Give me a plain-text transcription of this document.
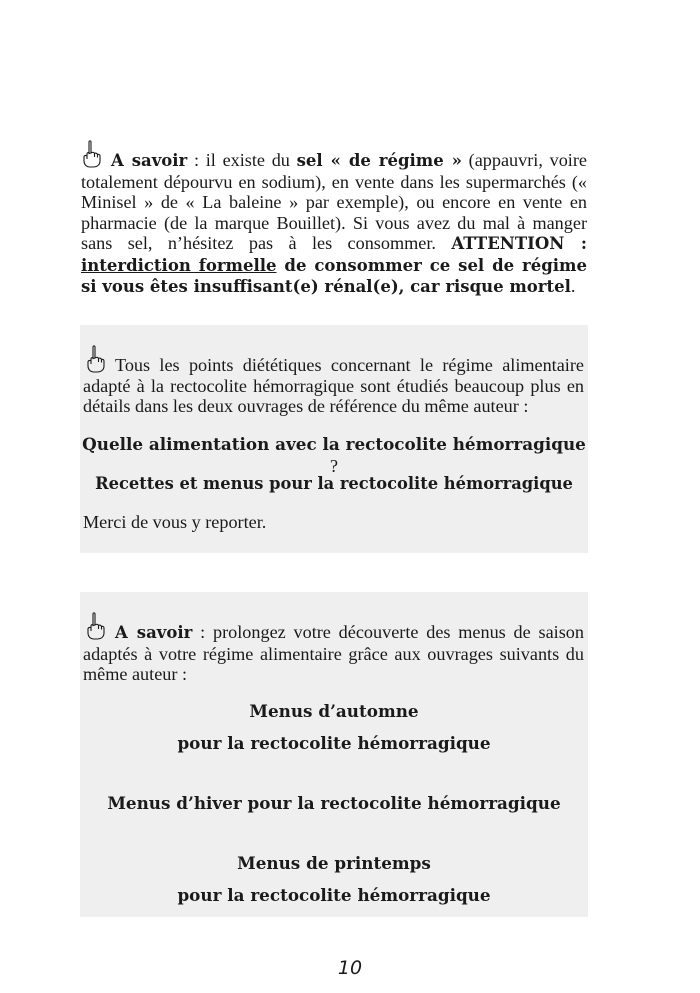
A savoir : il existe du sel « de régime » (appauvri, voire totalement dépourvu en sodium), en vente dans les supermarchés (« Minisel » de « La baleine » par exemple), ou encore en vente en pharmacie (de la marque Bouillet). Si vous avez du mal à manger sans sel, n’hésitez pas à les consommer. ATTENTION : interdiction formelle de consommer ce sel de régime si vous êtes insuffisant(e) rénal(e), car risque mortel.
Tous les points diététiques concernant le régime alimentaire adapté à la rectocolite hémorragique sont étudiés beaucoup plus en détails dans les deux ouvrages de référence du même auteur :
Quelle alimentation avec la rectocolite hémorragique ?
Recettes et menus pour la rectocolite hémorragique
Merci de vous y reporter.
A savoir : prolongez votre découverte des menus de saison adaptés à votre régime alimentaire grâce aux ouvrages suivants du même auteur :
Menus d’automne
pour la rectocolite hémorragique
Menus d’hiver pour la rectocolite hémorragique
Menus de printemps
pour la rectocolite hémorragique
10
